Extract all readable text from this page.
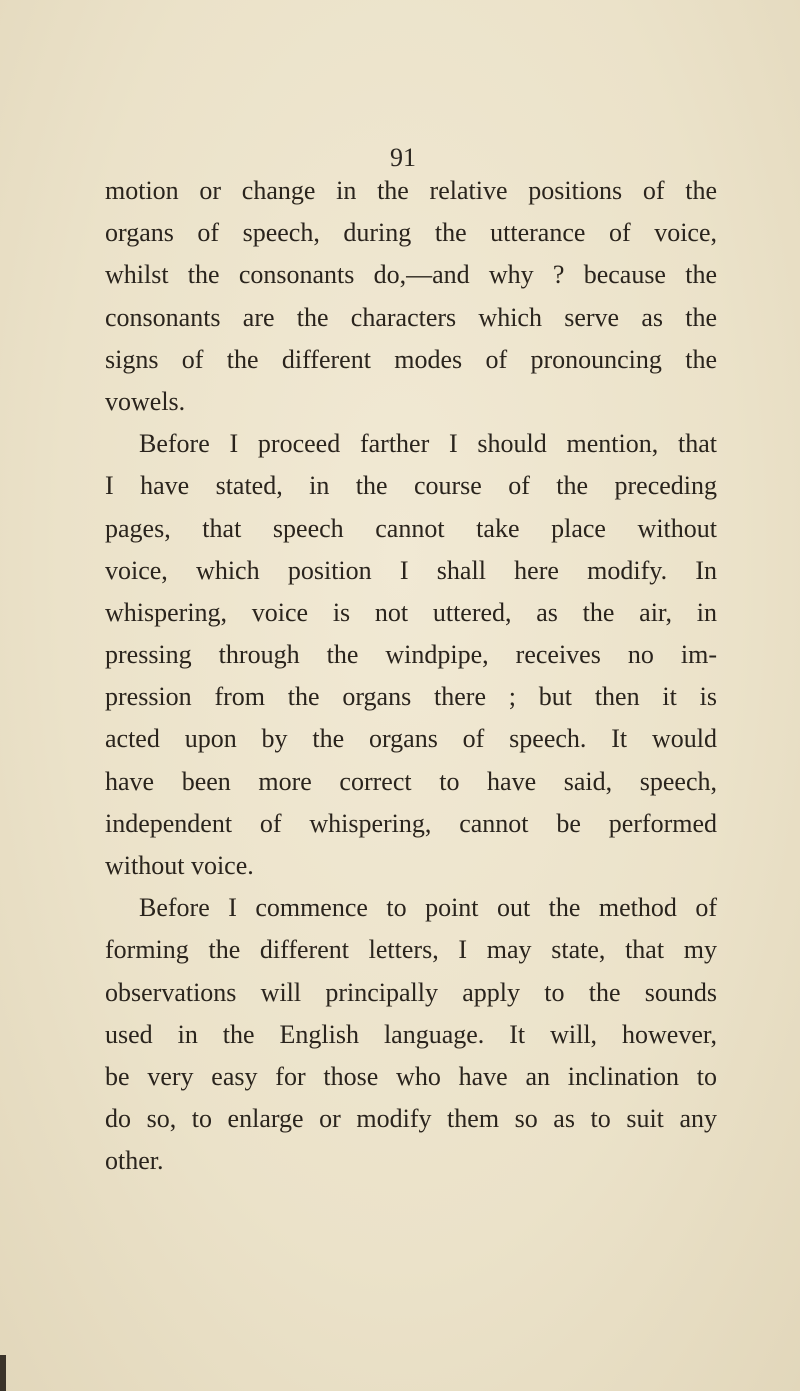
91
motion or change in the relative positions of the
organs of speech, during the utterance of voice,
whilst the consonants do,—and why ? because the
consonants are the characters which serve as the
signs of the different modes of pronouncing the
vowels.
Before I proceed farther I should mention, that
I have stated, in the course of the preceding
pages, that speech cannot take place without
voice, which position I shall here modify. In
whispering, voice is not uttered, as the air, in
pressing through the windpipe, receives no im-
pression from the organs there ; but then it is
acted upon by the organs of speech. It would
have been more correct to have said, speech,
independent of whispering, cannot be performed
without voice.
Before I commence to point out the method of
forming the different letters, I may state, that my
observations will principally apply to the sounds
used in the English language. It will, however,
be very easy for those who have an inclination to
do so, to enlarge or modify them so as to suit any
other.
